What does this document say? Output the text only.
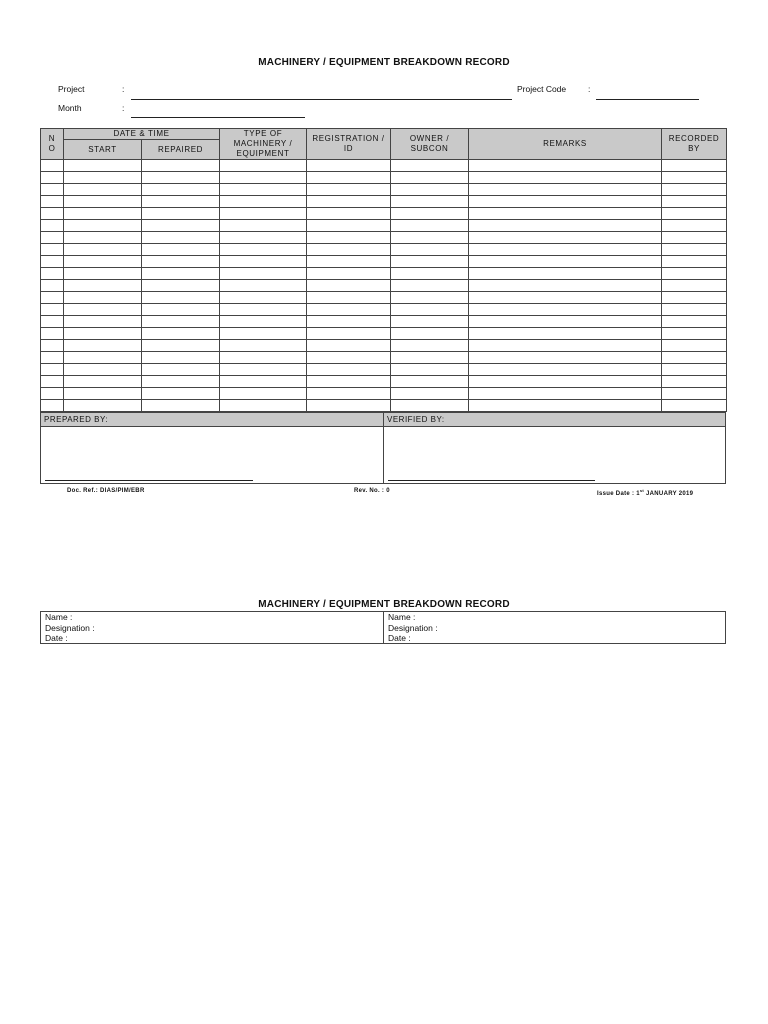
MACHINERY / EQUIPMENT BREAKDOWN RECORD
Project	:	Project Code	:
Month	:
N O	DATE & TIME		TYPE OF MACHINERY / EQUIPMENT	REGISTRATION / ID	OWNER / SUBCON	REMARKS	RECORDED BY
	START	REPAIRED					

PREPARED BY:	VERIFIED BY:
Doc. Ref.: DIAS/PIM/EBR	Rev. No. : 0	Issue Date : 1st JANUARY 2019
MACHINERY / EQUIPMENT BREAKDOWN RECORD
Name :
Designation :
Date :
Name :
Designation :
Date :
